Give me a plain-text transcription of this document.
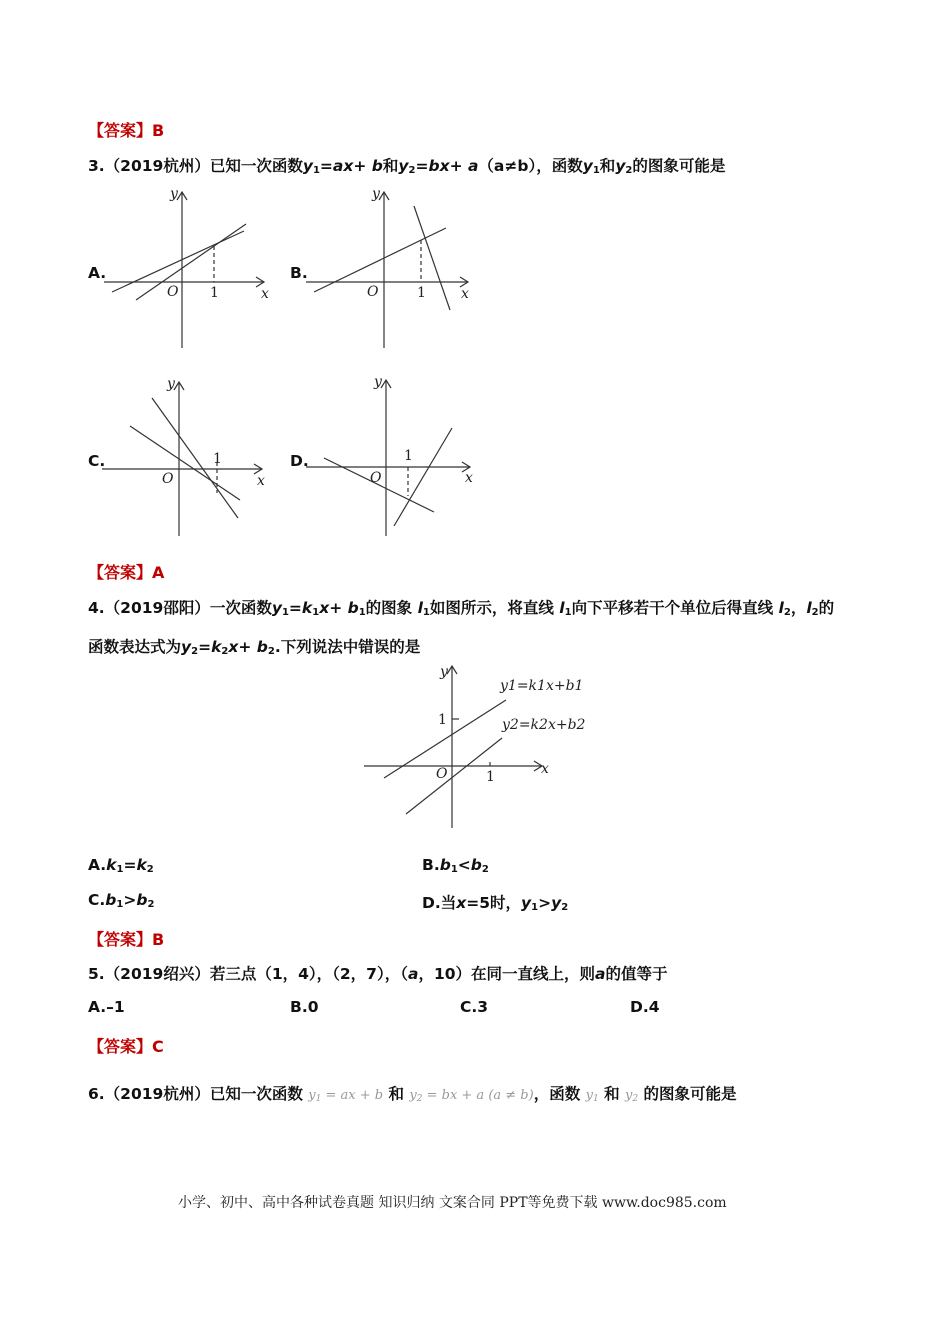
【答案】B
3.（2019杭州）已知一次函数$y_1=ax+ b$和$y_2=bx+ a(a\ne b)$，函数$y_1$和$y_2$的图象可能是
A.	B.
C.	D.
y
x
O 1
y
x
O	1
y
x
O
1
y
x
O
1
【答案】A
4.（2019邵阳）一次函数$y_1=k_1x+ b_1$的图象 $l_1$如图所示，将直线 $l_1$向下平移若干个单位后得直线 $l_2$，$l_2$的
函数表达式为$y_2=k_2x+ b_2$.下列说法中错误的是
y
x
O
1
1
y1=k1x+b1
y2=k2x+b2
$A.k_1=k_2$	$B.b_1<b_2$
$C.b_1>b_2$	D.当x=5时，$y_1>y_2$
【答案】B
5.（2019绍兴）若三点（1，4），（2，7），（a，10）在同一直线上，则a的值等于
A.–1	B.0	C.3	D.4
【答案】C
6.（2019杭州）已知一次函数 $y_1$ = ax + b 和 $y_2$ = bx + a (a ≠ b)，函数 $y_1$ 和 $y_2$ 的图象可能是
小学、初中、高中各种试卷真题 知识归纳 文案合同 PPT等免费下载 www.doc985.com
